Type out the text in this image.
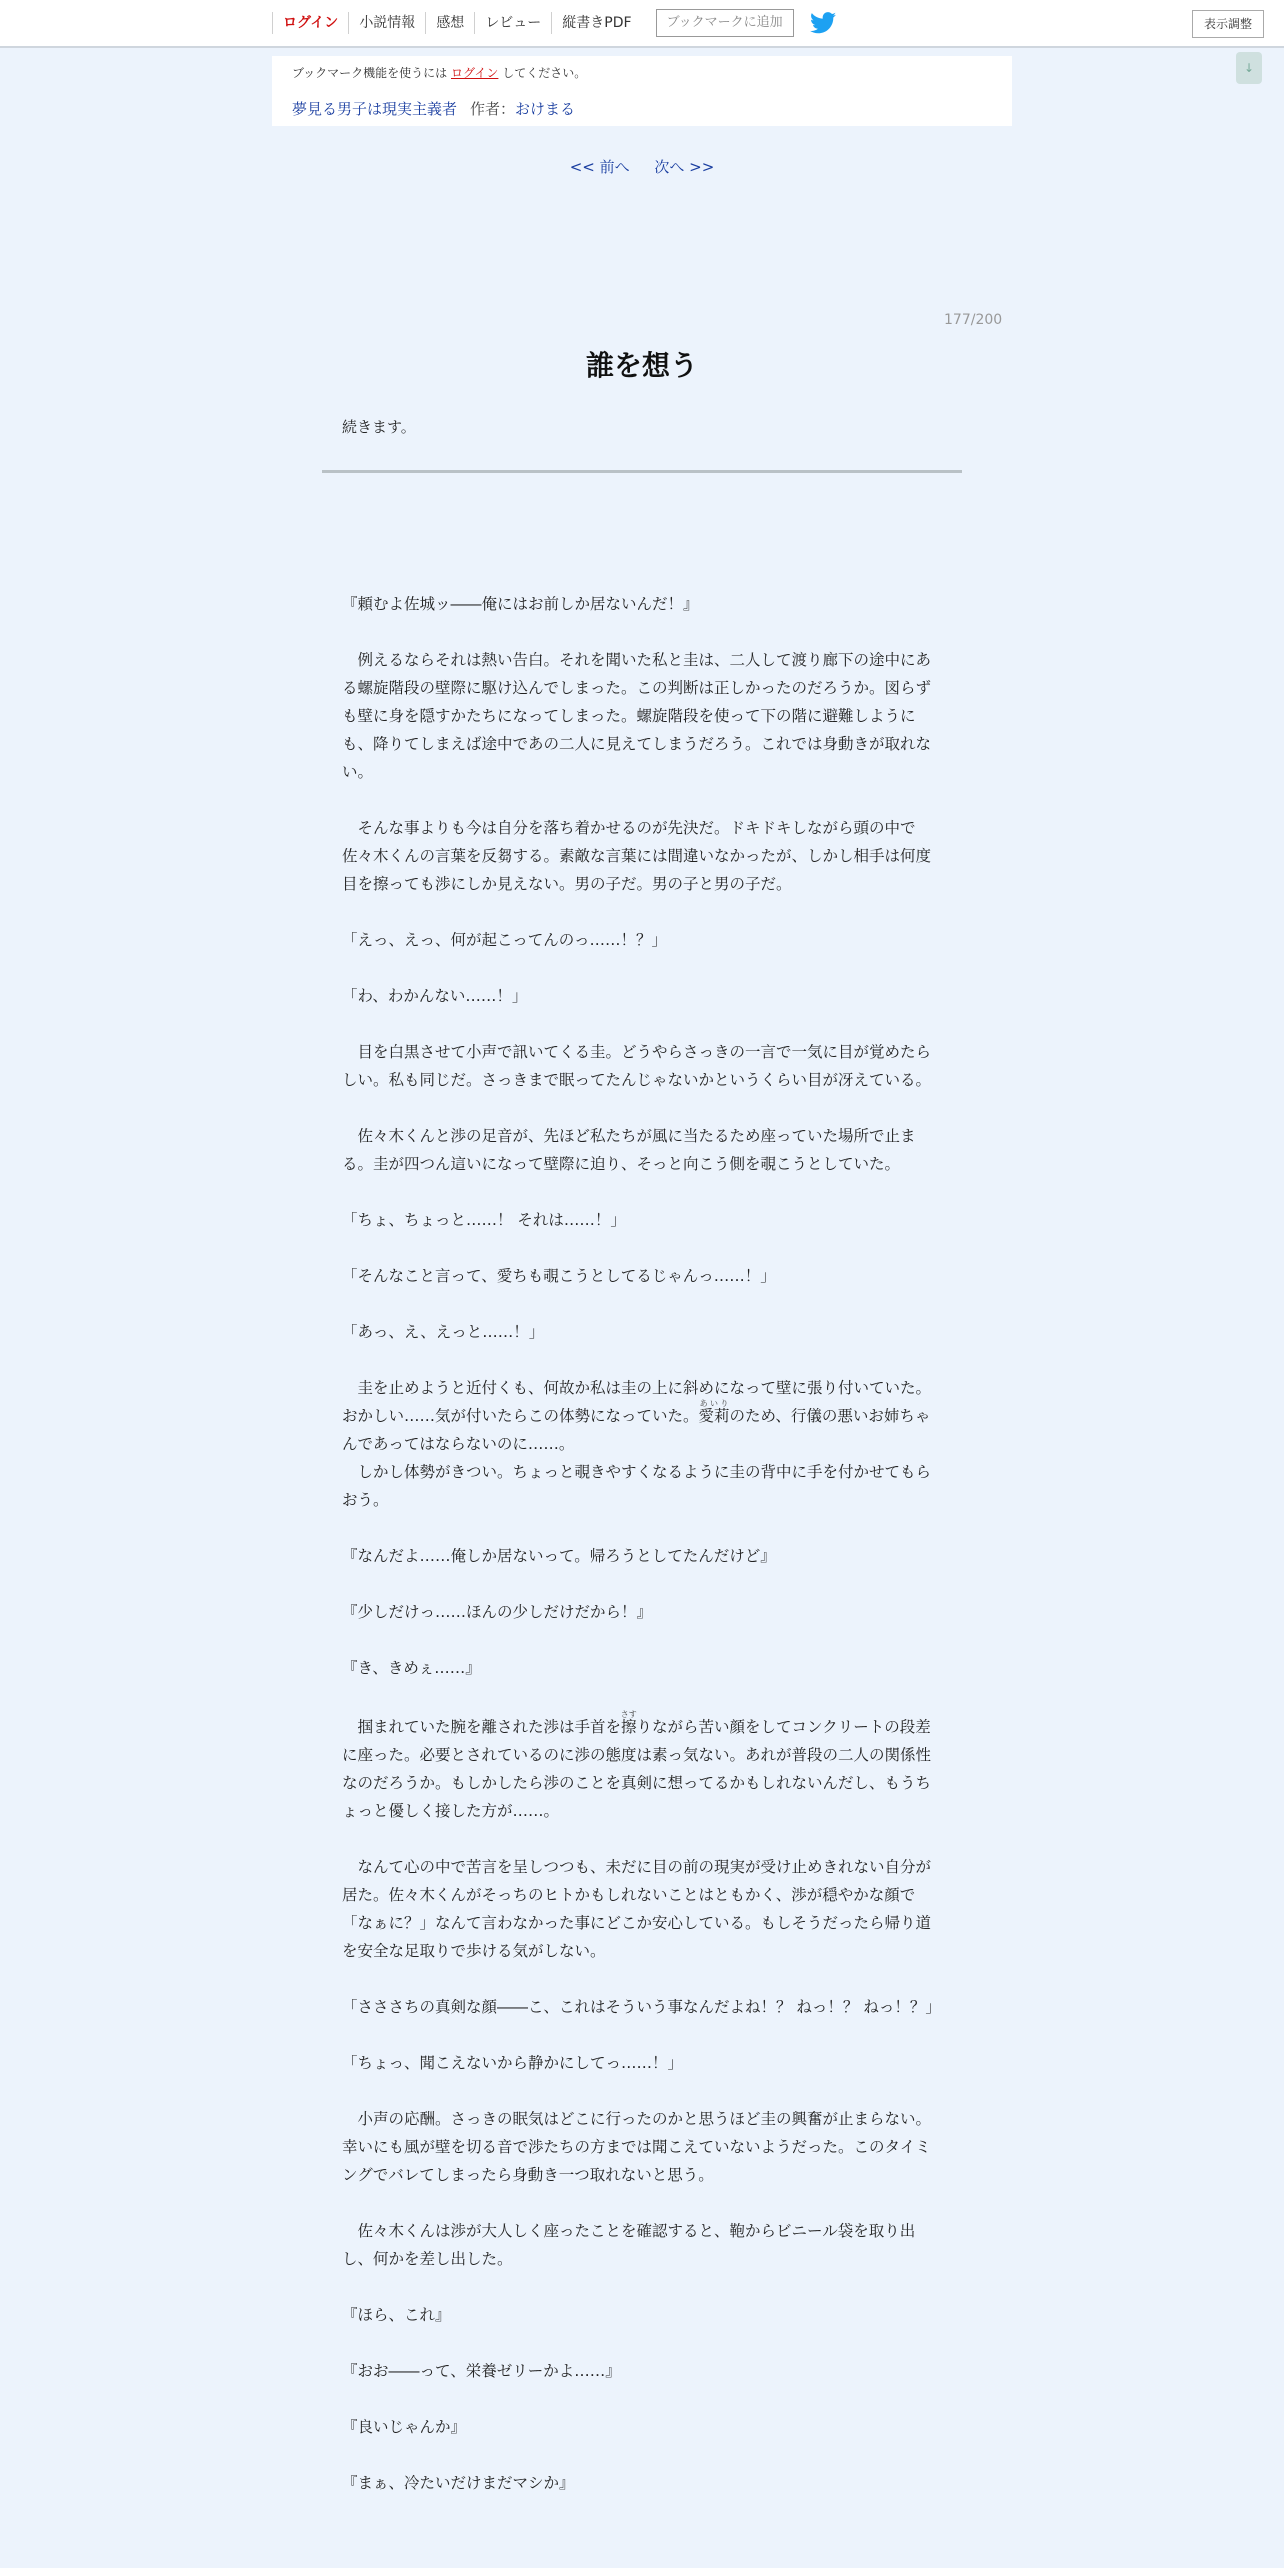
ログイン	小説情報	感想	レビュー	縦書きPDF	ブックマークに追加	表示調整
↓
ブックマーク機能を使うには ログイン してください。
夢見る男子は現実主義者 作者：おけまる
<< 前へ 次へ >>
177/200
誰を想う
続きます。

『頼むよ佐城ッ――俺にはお前しか居ないんだ！』

　例えるならそれは熱い告白。それを聞いた私と圭は、二人して渡り廊下の途中にある螺旋階段の壁際に駆け込んでしまった。この判断は正しかったのだろうか。図らずも壁に身を隠すかたちになってしまった。螺旋階段を使って下の階に避難しようにも、降りてしまえば途中であの二人に見えてしまうだろう。これでは身動きが取れない。

　そんな事よりも今は自分を落ち着かせるのが先決だ。ドキドキしながら頭の中で佐々木くんの言葉を反芻する。素敵な言葉には間違いなかったが、しかし相手は何度目を擦っても渉にしか見えない。男の子だ。男の子と男の子だ。

「えっ、えっ、何が起こってんのっ……！？」

「わ、わかんない……！」

　目を白黒させて小声で訊いてくる圭。どうやらさっきの一言で一気に目が覚めたらしい。私も同じだ。さっきまで眠ってたんじゃないかというくらい目が冴えている。

　佐々木くんと渉の足音が、先ほど私たちが風に当たるため座っていた場所で止まる。圭が四つん這いになって壁際に迫り、そっと向こう側を覗こうとしていた。

「ちょ、ちょっと……！ それは……！」

「そんなこと言って、愛ちも覗こうとしてるじゃんっ……！」

「あっ、え、えっと……！」

　圭を止めようと近付くも、何故か私は圭の上に斜めになって壁に張り付いていた。おかしい……気が付いたらこの体勢になっていた。愛莉あいりのため、行儀の悪いお姉ちゃんであってはならないのに……。

　しかし体勢がきつい。ちょっと覗きやすくなるように圭の背中に手を付かせてもらおう。

『なんだよ……俺しか居ないって。帰ろうとしてたんだけど』

『少しだけっ……ほんの少しだけだから！』

『き、きめぇ……』

　掴まれていた腕を離された渉は手首を擦さすりながら苦い顔をしてコンクリートの段差に座った。必要とされているのに渉の態度は素っ気ない。あれが普段の二人の関係性なのだろうか。もしかしたら渉のことを真剣に想ってるかもしれないんだし、もうちょっと優しく接した方が……。

　なんて心の中で苦言を呈しつつも、未だに目の前の現実が受け止めきれない自分が居た。佐々木くんがそっちのヒトかもしれないことはともかく、渉が穏やかな顔で「なぁに？」なんて言わなかった事にどこか安心している。もしそうだったら帰り道を安全な足取りで歩ける気がしない。

「さささちの真剣な顔――こ、これはそういう事なんだよね！？ ねっ！？ ねっ！？」

「ちょっ、聞こえないから静かにしてっ……！」

　小声の応酬。さっきの眠気はどこに行ったのかと思うほど圭の興奮が止まらない。幸いにも風が壁を切る音で渉たちの方までは聞こえていないようだった。このタイミングでバレてしまったら身動き一つ取れないと思う。

　佐々木くんは渉が大人しく座ったことを確認すると、鞄からビニール袋を取り出し、何かを差し出した。

『ほら、これ』

『おお――って、栄養ゼリーかよ……』

『良いじゃんか』

『まぁ、冷たいだけまだマシか』
